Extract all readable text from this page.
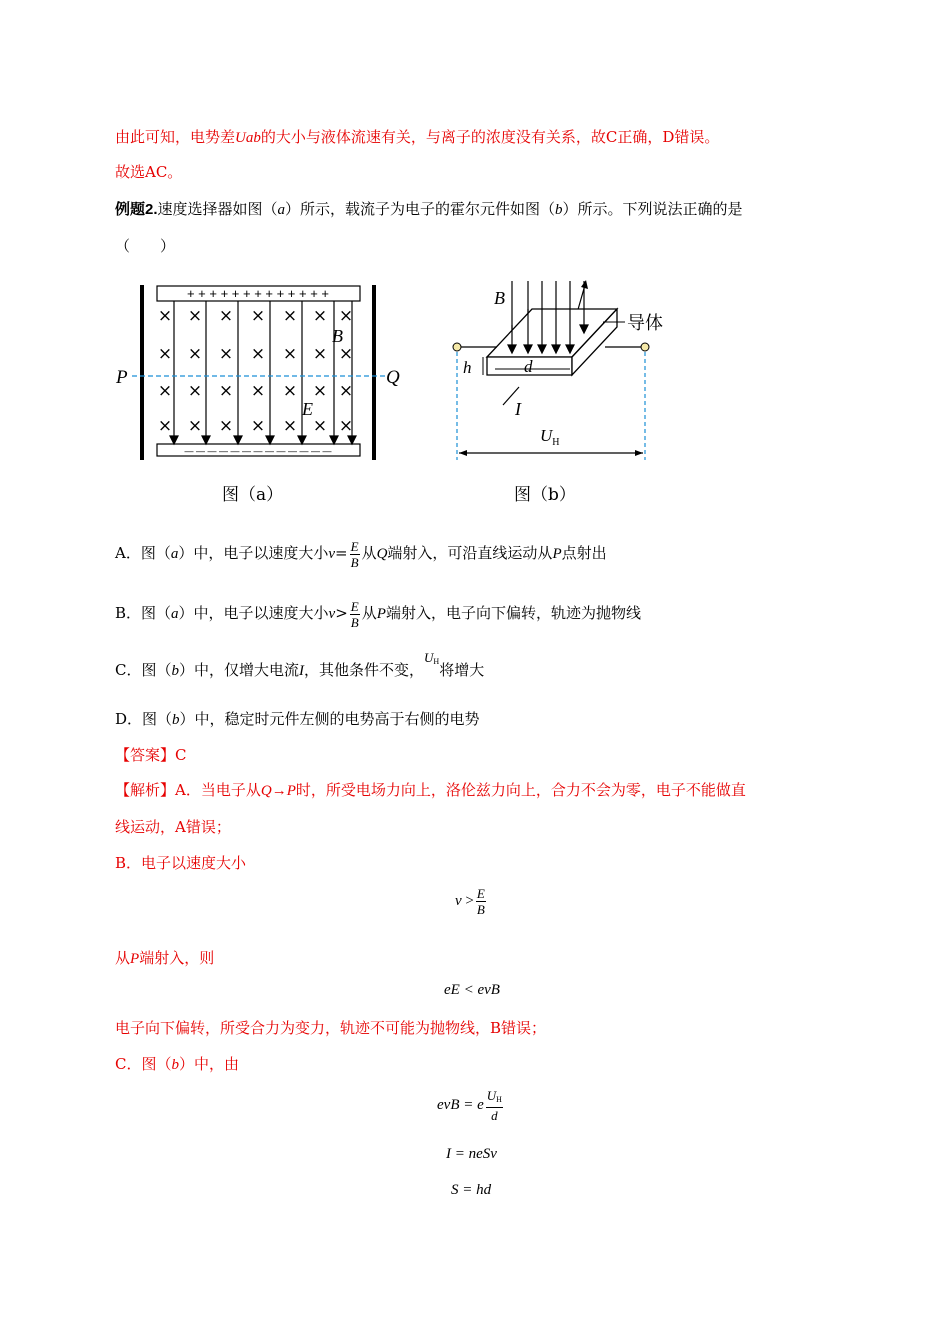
由此可知，电势差Uab的大小与液体流速有关，与离子的浓度没有关系，故C正确，D错误。
故选AC。
例题2.速度选择器如图（a）所示，载流子为电子的霍尔元件如图（b）所示。下列说法正确的是
（　　）
+ + + + + + + + + + + + +
— — — — — — — — — — — — —
× × × × × × ×
× × × × × × ×
× × × × × × ×
× × × × × × ×
P	Q
B
E
图（a）
d
h
I
导体
$U_H$
B
图（b）
A．图（a）中，电子以速度大小$v= \frac{E}{B}$ 从Q端射入，可沿直线运动从P点射出
B．图（a）中，电子以速度大小$v> \frac{E}{B}$ 从P端射入，电子向下偏转，轨迹为抛物线
C．图（b）中，仅增大电流I，其他条件不变，$U_H$将增大
D．图（b）中，稳定时元件左侧的电势高于右侧的电势
【答案】C
【解析】A．当电子从Q→P时，所受电场力向上，洛伦兹力向上，合力不会为零，电子不能做直
线运动，A错误；
B．电子以速度大小
$v > \frac{E}{B}$
从P端射入，则
eE < evB
电子向下偏转，所受合力为变力，轨迹不可能为抛物线，B错误；
C．图（b）中，由
evB = e $\frac{U_H}{d}$
I = neSv
S = hd
